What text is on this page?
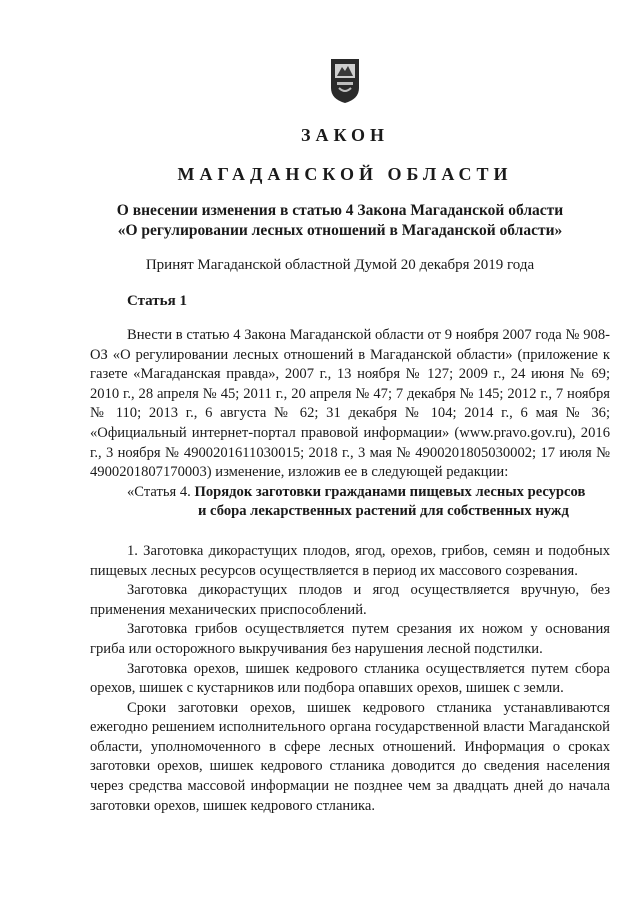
ЗАКОН
МАГАДАНСКОЙ ОБЛАСТИ
О внесении изменения в статью 4 Закона Магаданской области
«О регулировании лесных отношений в Магаданской области»
Принят Магаданской областной Думой 20 декабря 2019 года
Статья 1

Внести в статью 4 Закона Магаданской области от 9 ноября 2007 года № 908-ОЗ «О регулировании лесных отношений в Магаданской области» (приложение к газете «Магаданская правда», 2007 г., 13 ноября № 127; 2009 г., 24 июня № 69; 2010 г., 28 апреля № 45; 2011 г., 20 апреля № 47; 7 декабря № 145; 2012 г., 7 ноября № 110; 2013 г., 6 августа № 62; 31 декабря № 104; 2014 г., 6 мая № 36; «Официальный интернет-портал правовой информации» (www.pravo.gov.ru), 2016 г., 3 ноября № 4900201611030015; 2018 г., 3 мая № 4900201805030002; 17 июля № 4900201807170003) изменение, изложив ее в следующей редакции:

«Статья 4. Порядок заготовки гражданами пищевых лесных ресурсов
и сбора лекарственных растений для собственных нужд

1. Заготовка дикорастущих плодов, ягод, орехов, грибов, семян и подобных пищевых лесных ресурсов осуществляется в период их массового созревания.

Заготовка дикорастущих плодов и ягод осуществляется вручную, без применения механических приспособлений.

Заготовка грибов осуществляется путем срезания их ножом у основания гриба или осторожного выкручивания без нарушения лесной подстилки.

Заготовка орехов, шишек кедрового стланика осуществляется путем сбора орехов, шишек с кустарников или подбора опавших орехов, шишек с земли.

Сроки заготовки орехов, шишек кедрового стланика устанавливаются ежегодно решением исполнительного органа государственной власти Магаданской области, уполномоченного в сфере лесных отношений. Информация о сроках заготовки орехов, шишек кедрового стланика доводится до сведения населения через средства массовой информации не позднее чем за двадцать дней до начала заготовки орехов, шишек кедрового стланика.
